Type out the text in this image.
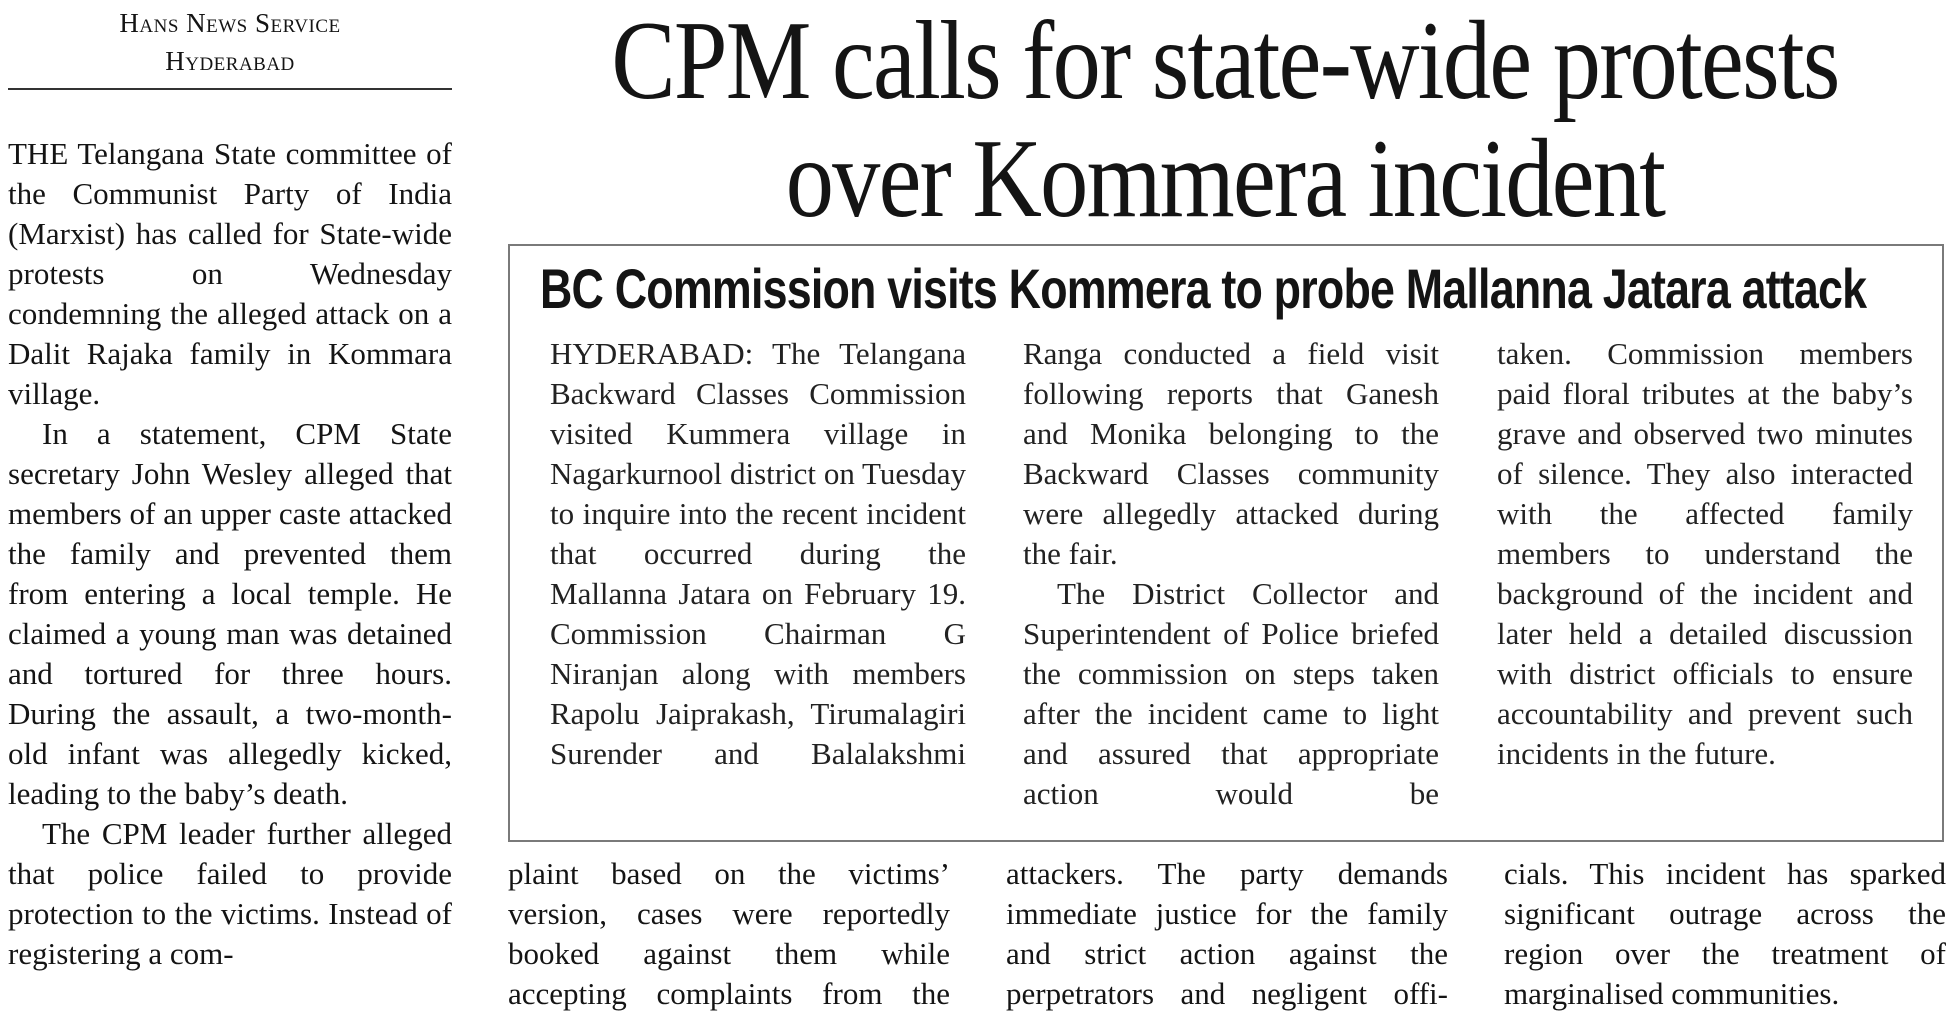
Hans News Service
Hyderabad

THE Telangana State committee of the Communist Party of India (Marxist) has called for State-wide protests on Wednesday condemning the alleged attack on a Dalit Rajaka family in Kommara village.

In a statement, CPM State secretary John Wesley alleged that members of an upper caste attacked the family and prevented them from entering a local temple. He claimed a young man was detained and tortured for three hours. During the assault, a two-month-old infant was allegedly kicked, leading to the baby’s death.

The CPM leader further alleged that police failed to provide protection to the victims. Instead of registering a com-

CPM calls for state-wide protests
over Kommera incident
BC Commission visits Kommera to probe Mallanna Jatara attack

HYDERABAD: The Telangana Backward Classes Commission visited Kummera village in Nagarkurnool district on Tuesday to inquire into the recent incident that occurred during the Mallanna Jatara on February 19. Commission Chairman G Niranjan along with members Rapolu Jaiprakash, Tirumalagiri Surender and Balalakshmi

Ranga conducted a field visit following reports that Ganesh and Monika belonging to the Backward Classes community were allegedly attacked during the fair.

The District Collector and Superintendent of Police briefed the commission on steps taken after the incident came to light and assured that appropriate action would be

taken. Commission members paid floral tributes at the baby’s grave and observed two minutes of silence. They also interacted with the affected family members to understand the background of the incident and later held a detailed discussion with district officials to ensure accountability and prevent such incidents in the future.

plaint based on the victims’ version, cases were reportedly booked against them while accepting complaints from the

attackers. The party demands immediate justice for the family and strict action against the perpetrators and negligent offi-

cials. This incident has sparked significant outrage across the region over the treatment of marginalised communities.
